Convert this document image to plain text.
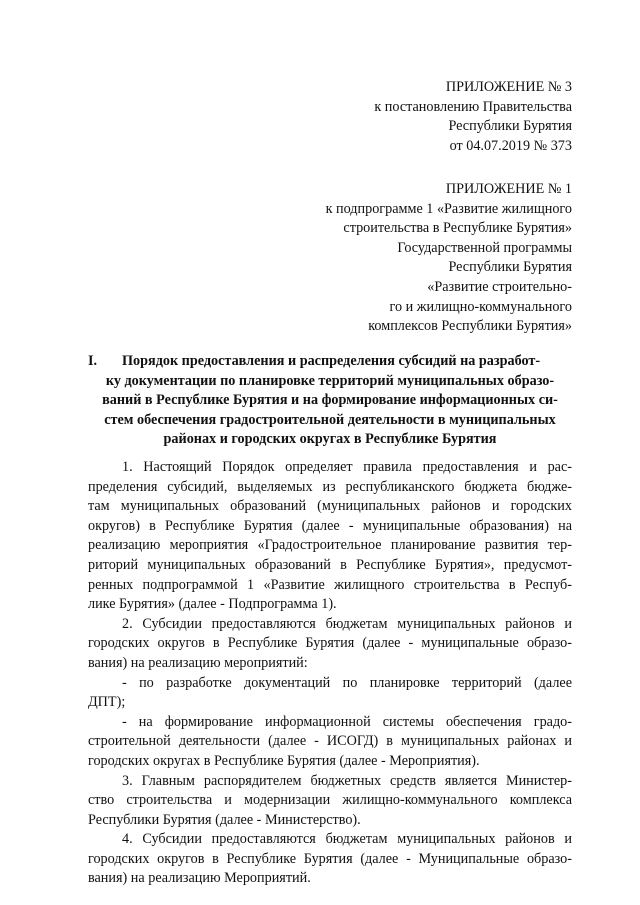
ПРИЛОЖЕНИЕ № 3
к постановлению Правительства
Республики Бурятия
от 04.07.2019 № 373
ПРИЛОЖЕНИЕ № 1
к подпрограмме 1 «Развитие жилищного
строительства в Республике Бурятия»
Государственной программы
Республики Бурятия
«Развитие строительно-
го и жилищно-коммунального
комплексов Республики Бурятия»
I.	Порядок предоставления и распределения субсидий на разработ-
ку документации по планировке территорий муниципальных образо-
ваний в Республике Бурятия и на формирование информационных си-
стем обеспечения градостроительной деятельности в муниципальных
районах и городских округах в Республике Бурятия
1. Настоящий Порядок определяет правила предоставления и рас-
пределения субсидий, выделяемых из республиканского бюджета бюдже-
там муниципальных образований (муниципальных районов и городских
округов) в Республике Бурятия (далее - муниципальные образования) на
реализацию мероприятия «Градостроительное планирование развития тер-
риторий муниципальных образований в Республике Бурятия», предусмот-
ренных подпрограммой 1 «Развитие жилищного строительства в Респуб-
лике Бурятия» (далее - Подпрограмма 1).
2. Субсидии предоставляются бюджетам муниципальных районов и
городских округов в Республике Бурятия (далее - муниципальные образо-
вания) на реализацию мероприятий:
- по разработке документаций по планировке территорий (далее
ДПТ);
- на формирование информационной системы обеспечения градо-
строительной деятельности (далее - ИСОГД) в муниципальных районах и
городских округах в Республике Бурятия (далее - Мероприятия).
3. Главным распорядителем бюджетных средств является Министер-
ство строительства и модернизации жилищно-коммунального комплекса
Республики Бурятия (далее - Министерство).
4. Субсидии предоставляются бюджетам муниципальных районов и
городских округов в Республике Бурятия (далее - Муниципальные образо-
вания) на реализацию Мероприятий.
